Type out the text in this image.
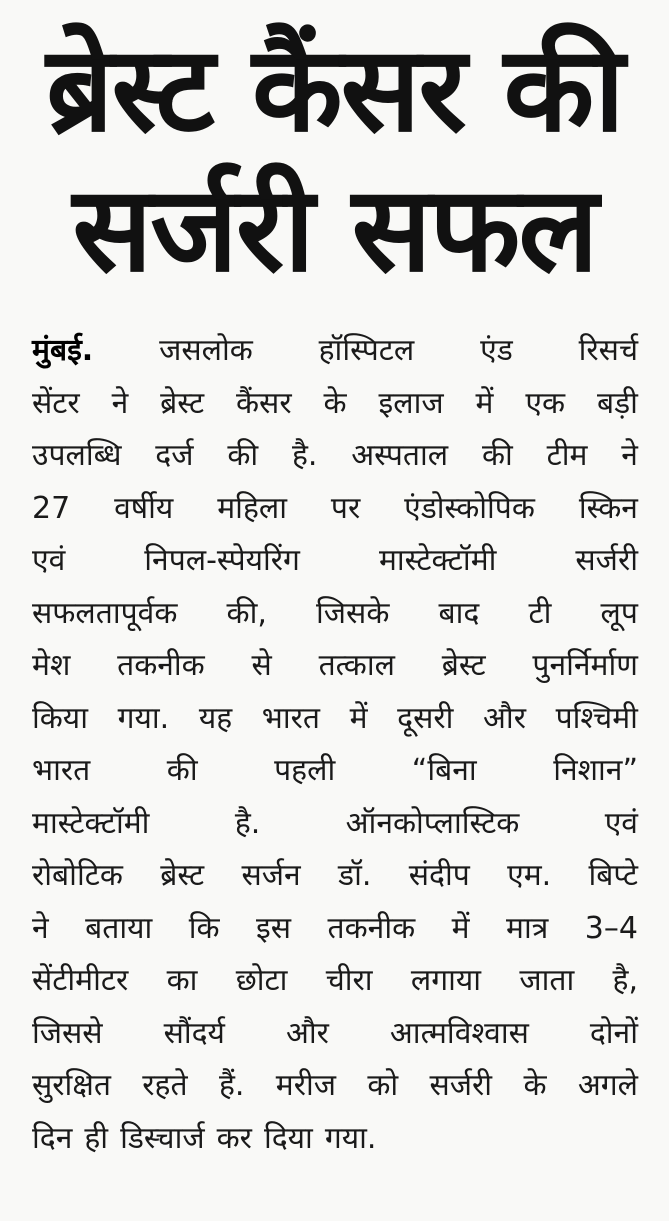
ब्रेस्ट कैंसर की
सर्जरी सफल
मुंबई. जसलोक हॉस्पिटल एंड रिसर्च
सेंटर ने ब्रेस्ट कैंसर के इलाज में एक बड़ी
उपलब्धि दर्ज की है. अस्पताल की टीम ने
27 वर्षीय महिला पर एंडोस्कोपिक स्किन
एवं	निपल-स्पेयरिंग	मास्टेक्टॉमी	सर्जरी
सफलतापूर्वक की, जिसके बाद टी लूप
मेश तकनीक से तत्काल ब्रेस्ट पुनर्निर्माण
किया गया. यह भारत में दूसरी और पश्चिमी
भारत	की	पहली	“बिना	निशान”
मास्टेक्टॉमी	है.	ऑनकोप्लास्टिक	एवं
रोबोटिक ब्रेस्ट सर्जन डॉ. संदीप एम. बिप्टे
ने बताया कि इस तकनीक में मात्र 3–4
सेंटीमीटर का छोटा चीरा लगाया जाता है,
जिससे सौंदर्य और आत्मविश्वास दोनों
सुरक्षित रहते हैं. मरीज को सर्जरी के अगले
दिन ही डिस्चार्ज कर दिया गया.
